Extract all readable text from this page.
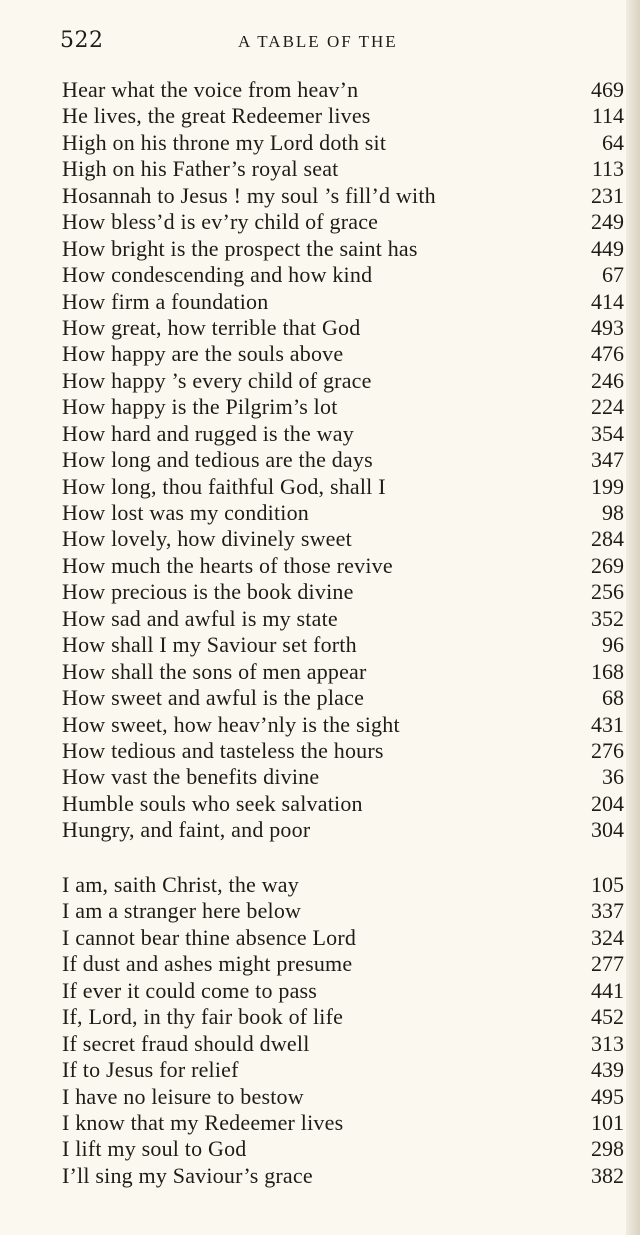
522	A TABLE OF THE
Hear what the voice from heav’n	469
He lives, the great Redeemer lives	114
High on his throne my Lord doth sit	64
High on his Father’s royal seat	113
Hosannah to Jesus ! my soul ’s fill’d with	231
How bless’d is ev’ry child of grace	249
How bright is the prospect the saint has	449
How condescending and how kind	67
How firm a foundation	414
How great, how terrible that God	493
How happy are the souls above	476
How happy ’s every child of grace	246
How happy is the Pilgrim’s lot	224
How hard and rugged is the way	354
How long and tedious are the days	347
How long, thou faithful God, shall I	199
How lost was my condition	98
How lovely, how divinely sweet	284
How much the hearts of those revive	269
How precious is the book divine	256
How sad and awful is my state	352
How shall I my Saviour set forth	96
How shall the sons of men appear	168
How sweet and awful is the place	68
How sweet, how heav’nly is the sight	431
How tedious and tasteless the hours	276
How vast the benefits divine	36
Humble souls who seek salvation	204
Hungry, and faint, and poor	304
I am, saith Christ, the way	105
I am a stranger here below	337
I cannot bear thine absence Lord	324
If dust and ashes might presume	277
If ever it could come to pass	441
If, Lord, in thy fair book of life	452
If secret fraud should dwell	313
If to Jesus for relief	439
I have no leisure to bestow	495
I know that my Redeemer lives	101
I lift my soul to God	298
I’ll sing my Saviour’s grace	382
